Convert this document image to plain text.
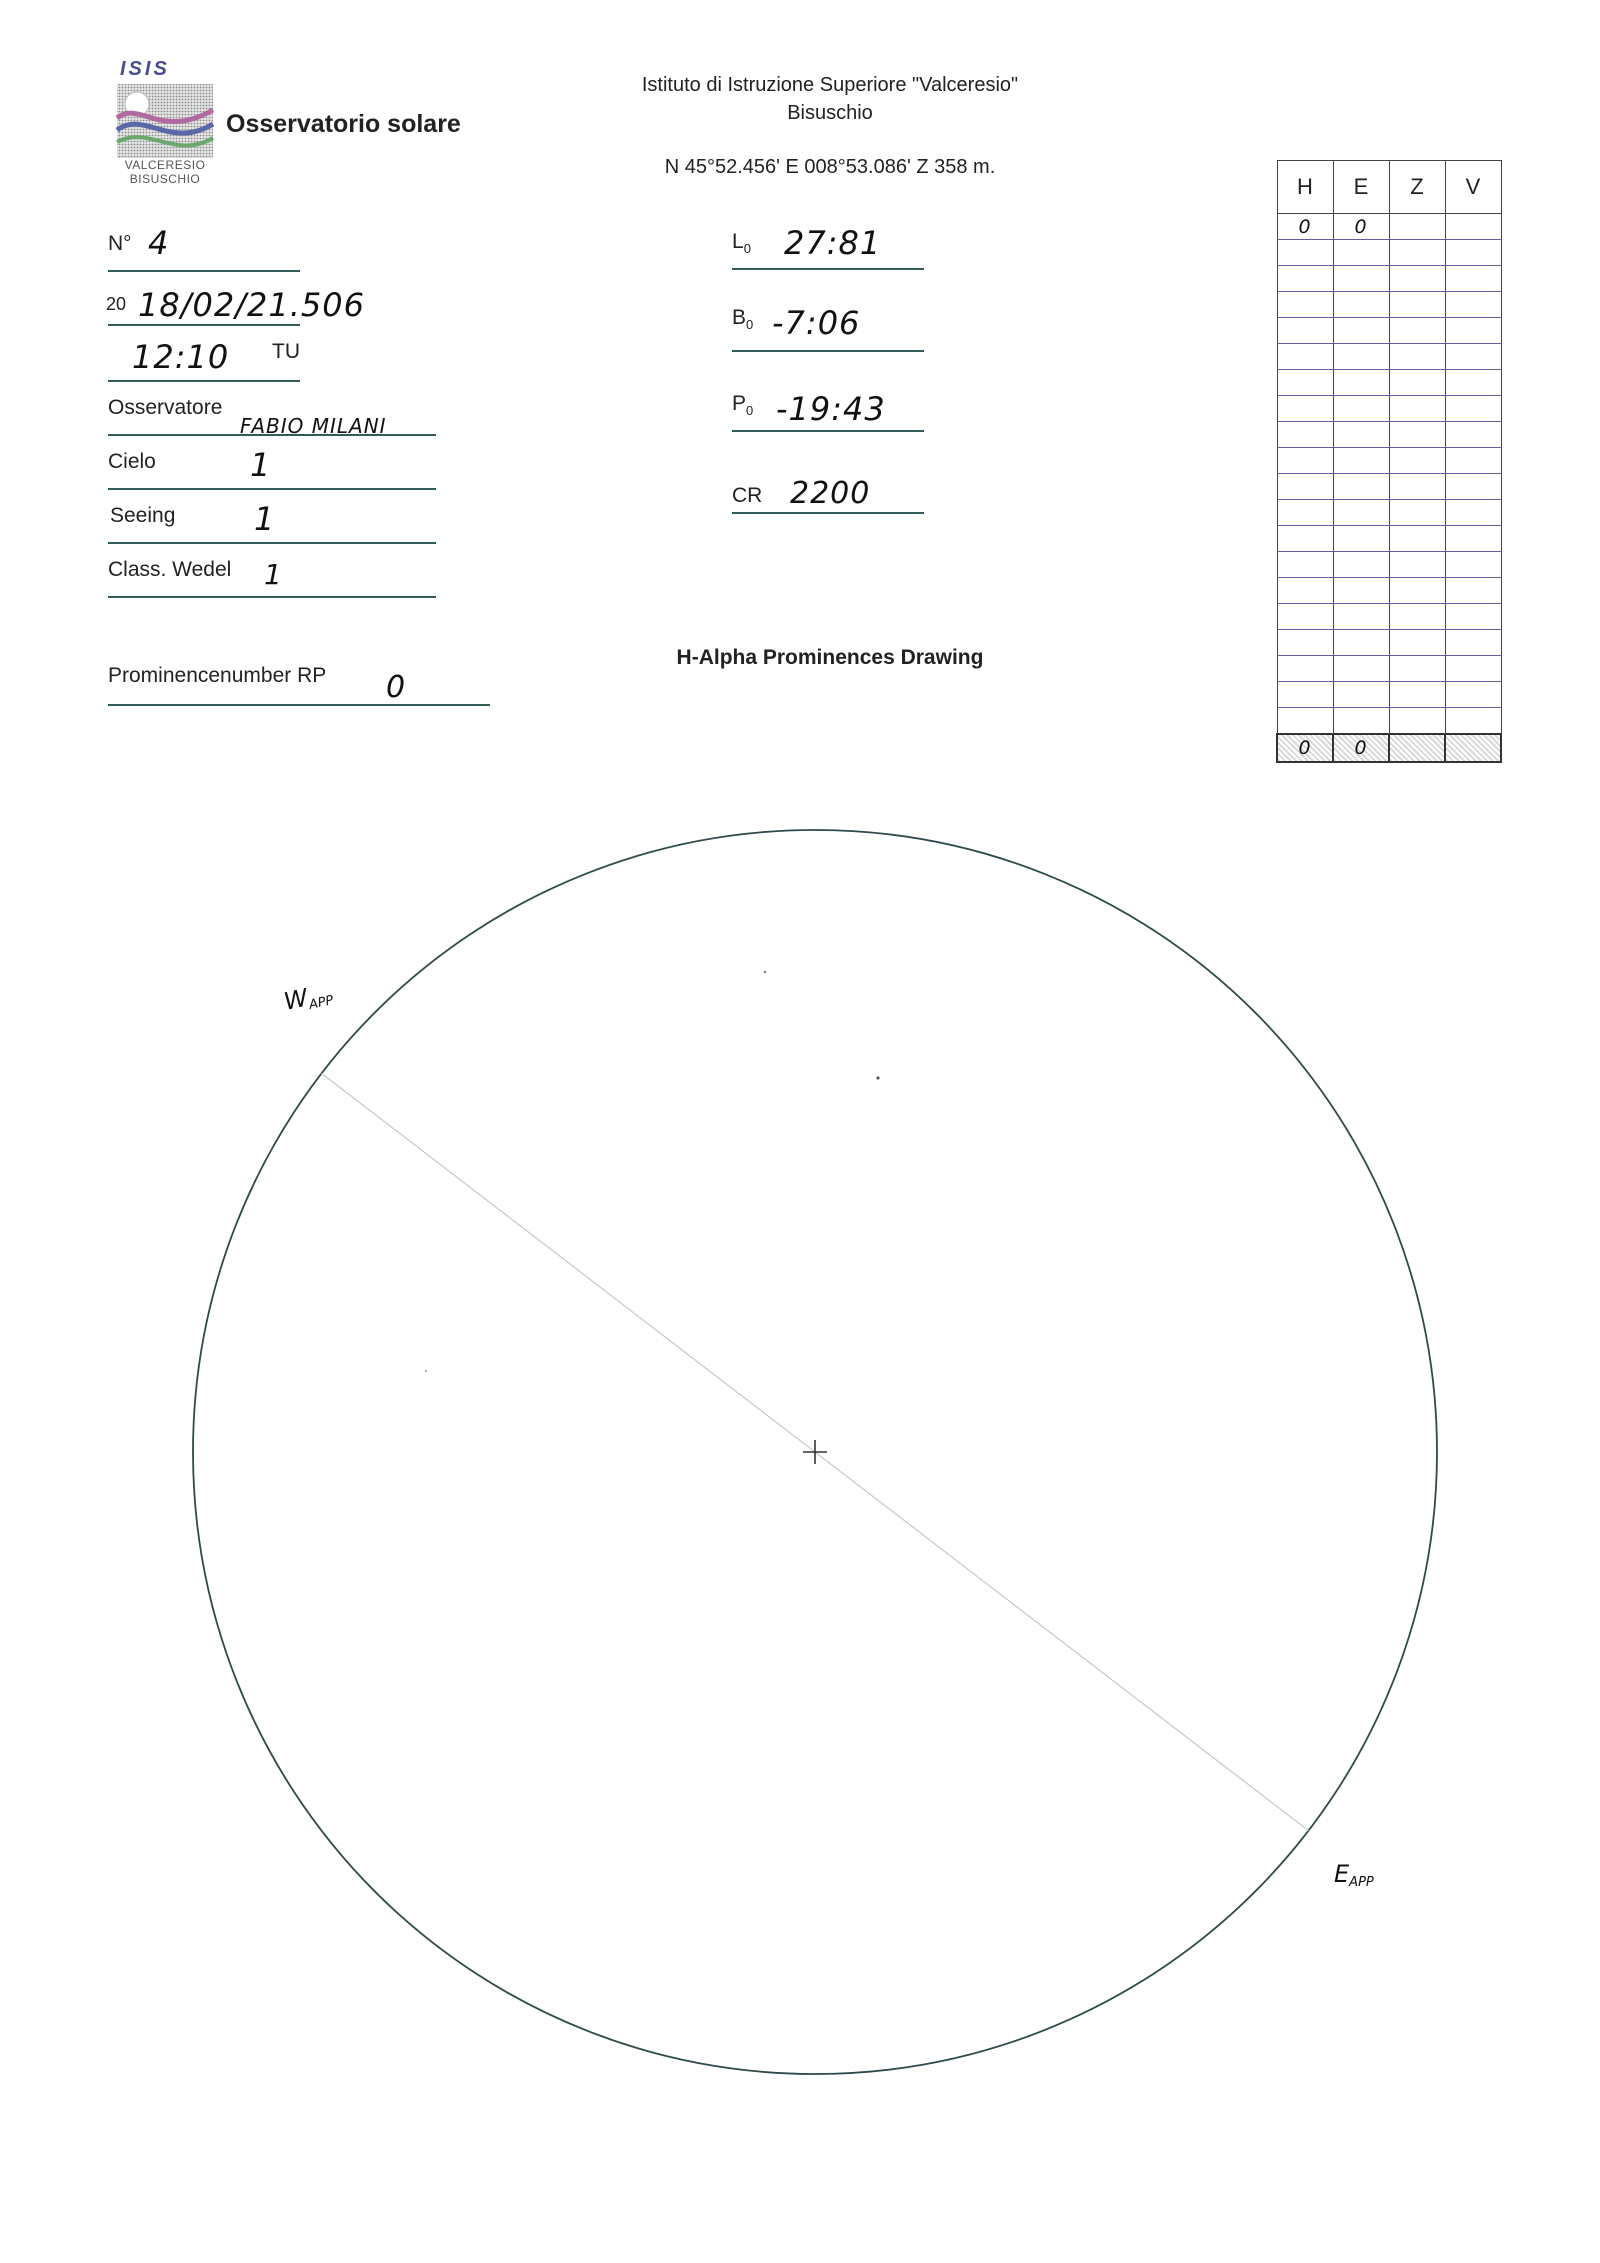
ISIS
VALCERESIO
BISUSCHIO
Osservatorio solare
Istituto di Istruzione Superiore "Valceresio"
Bisuschio
N 45°52.456' E 008°53.086' Z 358 m.
N° 4
20 18/02/21.506
12:10 TU
Osservatore
FABIO MILANI
Cielo	1
Seeing 1
Class. Wedel 1
Prominencenumber RP 0
$L_0$ 27:81
$B_0$ -7:06
$P_0$ -19:43
CR 2200
H-Alpha Prominences Drawing
H	E	Z	V
0	0		

0	0		
WAPP
EAPP
